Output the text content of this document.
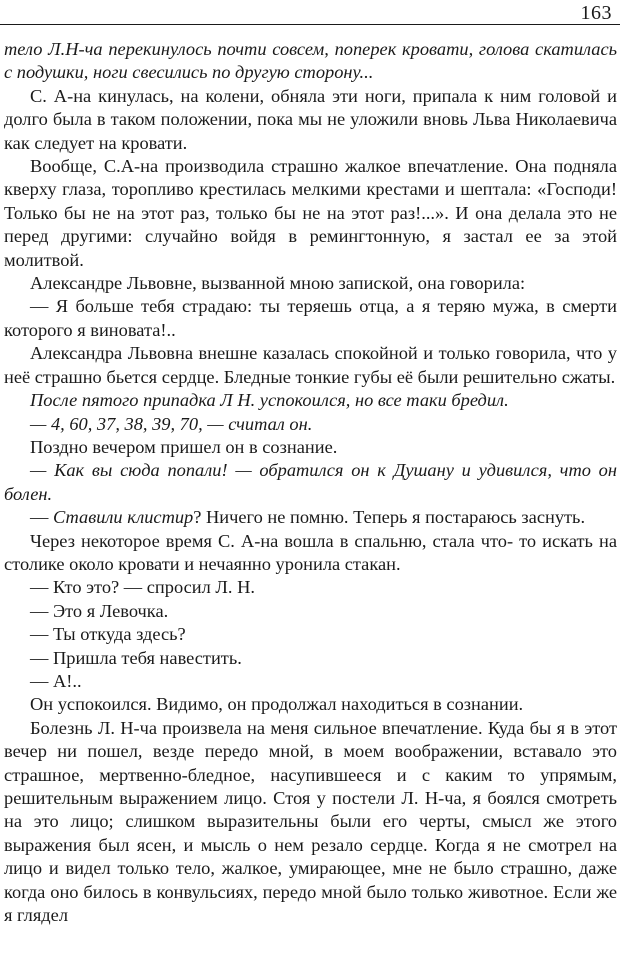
163

тело Л.Н-ча перекинулось почти совсем, поперек кровати, голова скатилась с подушки, ноги свесились по другую сторону...

С. А-на кинулась, на колени, обняла эти ноги, припала к ним головой и долго была в таком положении, пока мы не уложили вновь Льва Николаевича как следует на кровати.

Вообще, С.А-на производила страшно жалкое впечатление. Она подняла кверху глаза, торопливо крестилась мелкими крестами и шептала: «Господи! Только бы не на этот раз, только бы не на этот раз!...». И она делала это не перед другими: случайно войдя в ремингтонную, я застал ее за этой молитвой.

Александре Львовне, вызванной мною запиской, она говорила:

— Я больше тебя страдаю: ты теряешь отца, а я теряю мужа, в смерти которого я виновата!..

Александра Львовна внешне казалась спокойной и только говорила, что у неё страшно бьется сердце. Бледные тонкие губы её были решительно сжаты.

После пятого припадка Л Н. успокоился, но все таки бредил.

— 4, 60, 37, 38, 39, 70, — считал он.

Поздно вечером пришел он в сознание.

— Как вы сюда попали! — обратился он к Душану и удивился, что он болен.

— Ставили клистир? Ничего не помню. Теперь я постараюсь заснуть.

Через некоторое время С. А-на вошла в спальню, стала что- то искать на столике около кровати и нечаянно уронила стакан.

— Кто это? — спросил Л. Н.

— Это я Левочка.

— Ты откуда здесь?

— Пришла тебя навестить.

— А!..

Он успокоился. Видимо, он продолжал находиться в сознании.

Болезнь Л. Н-ча произвела на меня сильное впечатление. Куда бы я в этот вечер ни пошел, везде передо мной, в моем воображении, вставало это страшное, мертвенно-бледное, насупившееся и с каким то упрямым, решительным выражением лицо. Стоя у постели Л. Н-ча, я боялся смотреть на это лицо; слишком выразительны были его черты, смысл же этого выражения был ясен, и мысль о нем резало сердце. Когда я не смотрел на лицо и видел только тело, жалкое, умирающее, мне не было страшно, даже когда оно билось в конвульсиях, передо мной было только животное. Если же я глядел
